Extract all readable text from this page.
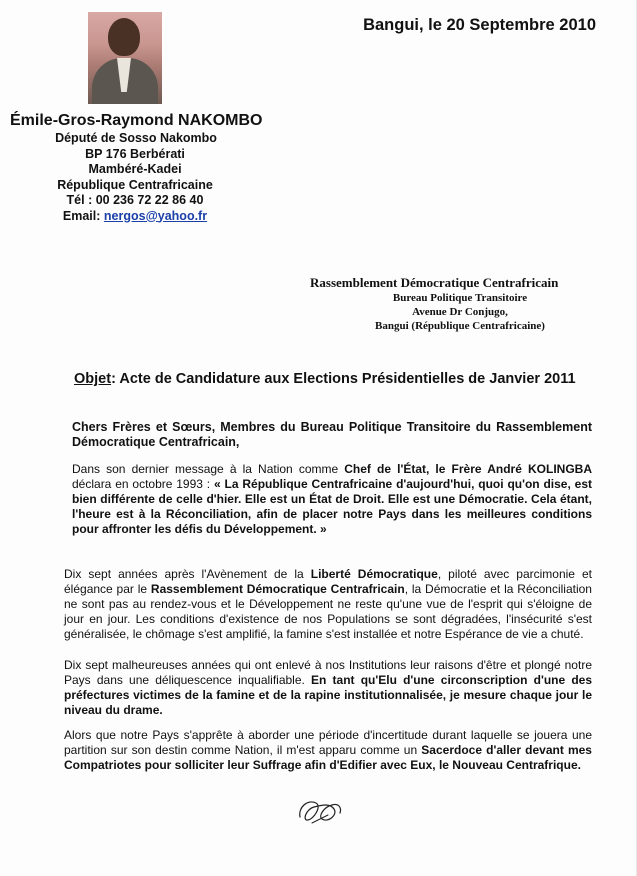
Bangui, le 20 Septembre 2010
Émile-Gros-Raymond NAKOMBO
Député de Sosso Nakombo
BP 176 Berbérati
Mambéré-Kadei
République Centrafricaine
Tél : 00 236 72 22 86 40
Email: nergos@yahoo.fr
Rassemblement Démocratique Centrafricain
Bureau Politique Transitoire
Avenue Dr Conjugo,
Bangui (République Centrafricaine)
Objet: Acte de Candidature aux Elections Présidentielles de Janvier 2011
Chers Frères et Sœurs, Membres du Bureau Politique Transitoire du Rassemblement Démocratique Centrafricain,
Dans son dernier message à la Nation comme Chef de l'État, le Frère André KOLINGBA déclara en octobre 1993 : « La République Centrafricaine d'aujourd'hui, quoi qu'on dise, est bien différente de celle d'hier. Elle est un État de Droit. Elle est une Démocratie. Cela étant, l'heure est à la Réconciliation, afin de placer notre Pays dans les meilleures conditions pour affronter les défis du Développement. »
Dix sept années après l'Avènement de la Liberté Démocratique, piloté avec parcimonie et élégance par le Rassemblement Démocratique Centrafricain, la Démocratie et la Réconciliation ne sont pas au rendez-vous et le Développement ne reste qu'une vue de l'esprit qui s'éloigne de jour en jour. Les conditions d'existence de nos Populations se sont dégradées, l'insécurité s'est généralisée, le chômage s'est amplifié, la famine s'est installée et notre Espérance de vie a chuté.
Dix sept malheureuses années qui ont enlevé à nos Institutions leur raisons d'être et plongé notre Pays dans une déliquescence inqualifiable. En tant qu'Elu d'une circonscription d'une des préfectures victimes de la famine et de la rapine institutionnalisée, je mesure chaque jour le niveau du drame.
Alors que notre Pays s'apprête à aborder une période d'incertitude durant laquelle se jouera une partition sur son destin comme Nation, il m'est apparu comme un Sacerdoce d'aller devant mes Compatriotes pour solliciter leur Suffrage afin d'Edifier avec Eux, le Nouveau Centrafrique.
